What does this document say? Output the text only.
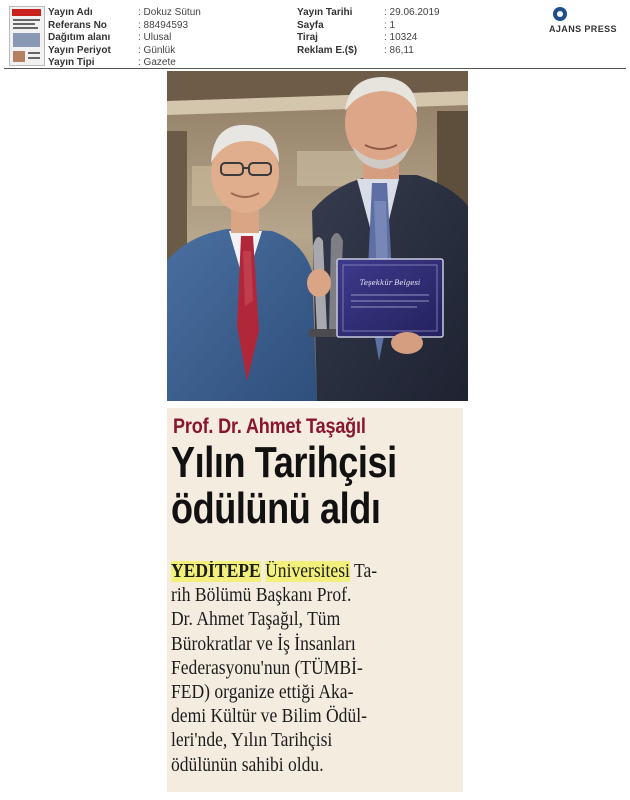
Yayın Adı	: Dokuz Sütun
Referans No	: 88494593
Dağıtım alanı	: Ulusal
Yayın Periyot	: Günlük
Yayın Tipi	: Gazete
Yayın Tarihi	: 29.06.2019
Sayfa	: 1
Tiraj	: 10324
Reklam E.($)	: 86,11
AJANS PRESS
Teşekkür Belgesi
Prof. Dr. Ahmet Taşağıl
Yılın Tarihçisi
ödülünü aldı
YEDİTEPE Üniversitesi Ta-
rih Bölümü Başkanı Prof.
Dr. Ahmet Taşağıl, Tüm
Bürokratlar ve İş İnsanları
Federasyonu'nun (TÜMBİ-
FED) organize ettiği Aka-
demi Kültür ve Bilim Ödül-
leri'nde, Yılın Tarihçisi
ödülünün sahibi oldu.
